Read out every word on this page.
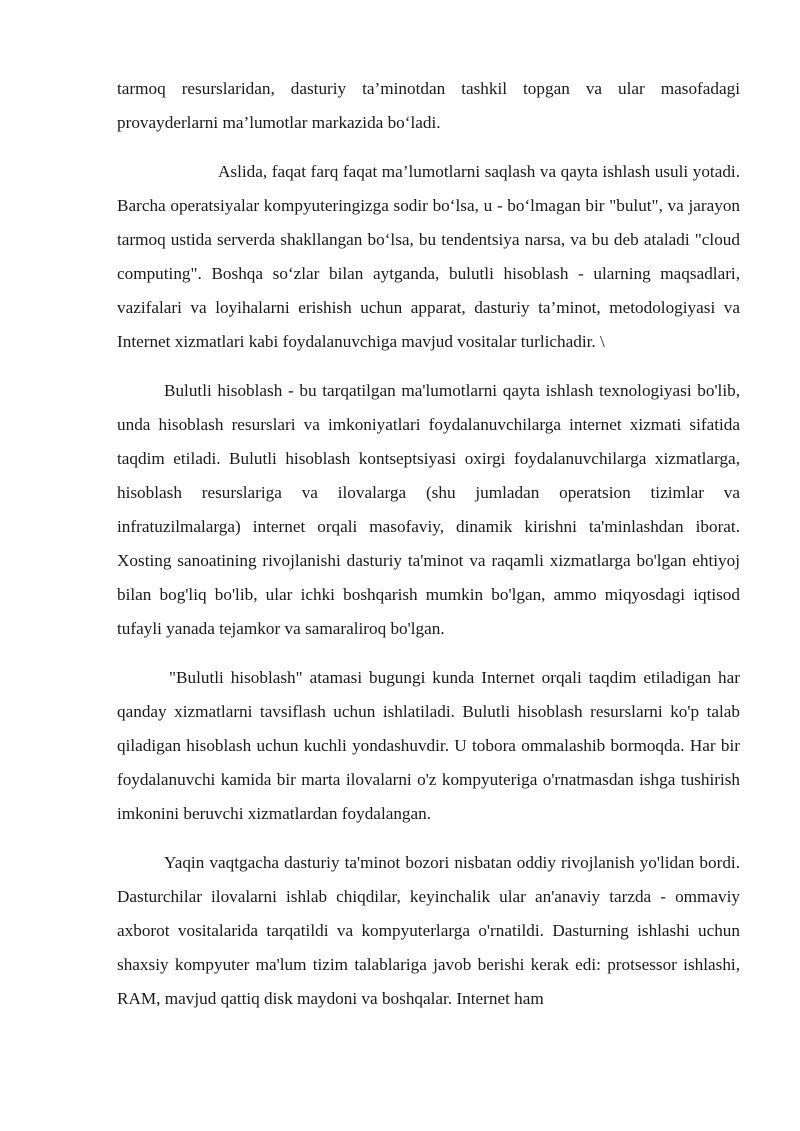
tarmoq resurslaridan, dasturiy ta’minotdan tashkil topgan va ular masofadagi provayderlarni ma’lumotlar markazida bo‘ladi.

Aslida, faqat farq faqat ma’lumotlarni saqlash va qayta ishlash usuli yotadi. Barcha operatsiyalar kompyuteringizga sodir bo‘lsa, u - bo‘lmagan bir "bulut", va jarayon tarmoq ustida serverda shakllangan bo‘lsa, bu tendentsiya narsa, va bu deb ataladi "cloud computing". Boshqa so‘zlar bilan aytganda, bulutli hisoblash - ularning maqsadlari, vazifalari va loyihalarni erishish uchun apparat, dasturiy ta’minot, metodologiyasi va Internet xizmatlari kabi foydalanuvchiga mavjud vositalar turlichadir. \

Bulutli hisoblash - bu tarqatilgan ma'lumotlarni qayta ishlash texnologiyasi bo'lib, unda hisoblash resurslari va imkoniyatlari foydalanuvchilarga internet xizmati sifatida taqdim etiladi. Bulutli hisoblash kontseptsiyasi oxirgi foydalanuvchilarga xizmatlarga, hisoblash resurslariga va ilovalarga (shu jumladan operatsion tizimlar va infratuzilmalarga) internet orqali masofaviy, dinamik kirishni ta'minlashdan iborat. Xosting sanoatining rivojlanishi dasturiy ta'minot va raqamli xizmatlarga bo'lgan ehtiyoj bilan bog'liq bo'lib, ular ichki boshqarish mumkin bo'lgan, ammo miqyosdagi iqtisod tufayli yanada tejamkor va samaraliroq bo'lgan.

"Bulutli hisoblash" atamasi bugungi kunda Internet orqali taqdim etiladigan har qanday xizmatlarni tavsiflash uchun ishlatiladi. Bulutli hisoblash resurslarni ko'p talab qiladigan hisoblash uchun kuchli yondashuvdir. U tobora ommalashib bormoqda. Har bir foydalanuvchi kamida bir marta ilovalarni o'z kompyuteriga o'rnatmasdan ishga tushirish imkonini beruvchi xizmatlardan foydalangan.

Yaqin vaqtgacha dasturiy ta'minot bozori nisbatan oddiy rivojlanish yo'lidan bordi. Dasturchilar ilovalarni ishlab chiqdilar, keyinchalik ular an'anaviy tarzda - ommaviy axborot vositalarida tarqatildi va kompyuterlarga o'rnatildi. Dasturning ishlashi uchun shaxsiy kompyuter ma'lum tizim talablariga javob berishi kerak edi: protsessor ishlashi, RAM, mavjud qattiq disk maydoni va boshqalar. Internet ham
